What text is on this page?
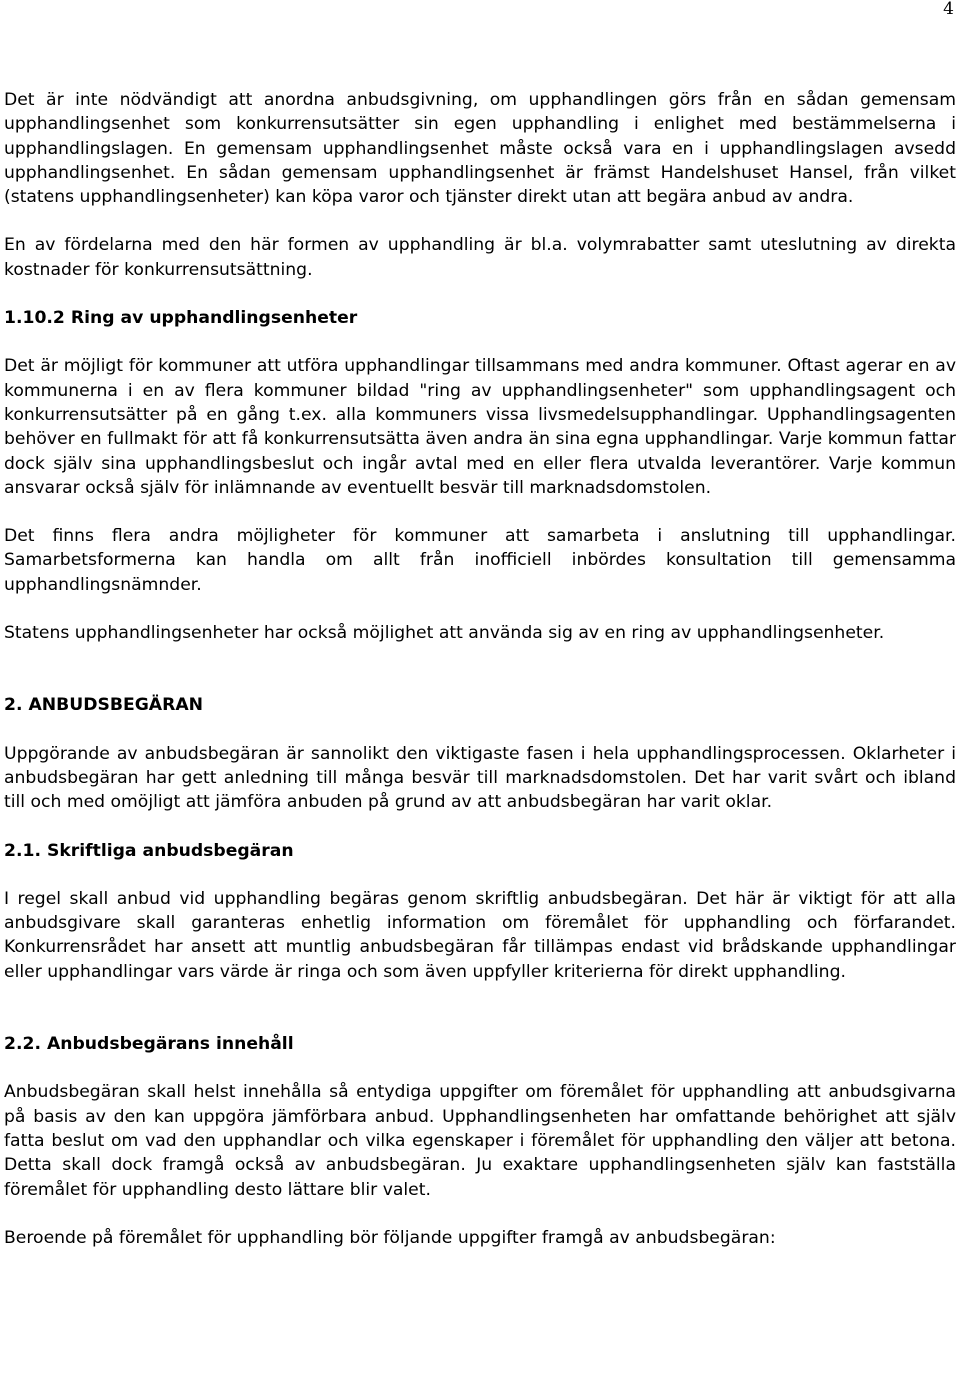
4

Det är inte nödvändigt att anordna anbudsgivning, om upphandlingen görs från en sådan gemensam upphandlingsenhet som konkurrensutsätter sin egen upphandling i enlighet med bestämmelserna i upphandlingslagen. En gemensam upphandlingsenhet måste också vara en i upphandlingslagen avsedd upphandlingsenhet. En sådan gemensam upphandlingsenhet är främst Handelshuset Hansel, från vilket (statens upphandlingsenheter) kan köpa varor och tjänster direkt utan att begära anbud av andra.

En av fördelarna med den här formen av upphandling är bl.a. volymrabatter samt uteslutning av direkta kostnader för konkurrensutsättning.

1.10.2 Ring av upphandlingsenheter

Det är möjligt för kommuner att utföra upphandlingar tillsammans med andra kommuner. Oftast agerar en av kommunerna i en av flera kommuner bildad "ring av upphandlingsenheter" som upphandlingsagent och konkurrensutsätter på en gång t.ex. alla kommuners vissa livsmedelsupphandlingar. Upphandlingsagenten behöver en fullmakt för att få konkurrensutsätta även andra än sina egna upphandlingar. Varje kommun fattar dock själv sina upphandlingsbeslut och ingår avtal med en eller flera utvalda leverantörer. Varje kommun ansvarar också själv för inlämnande av eventuellt besvär till marknadsdomstolen.

Det finns flera andra möjligheter för kommuner att samarbeta i anslutning till upphandlingar. Samarbetsformerna kan handla om allt från inofficiell inbördes konsultation till gemensamma upphandlingsnämnder.

Statens upphandlingsenheter har också möjlighet att använda sig av en ring av upphandlingsenheter.

2. ANBUDSBEGÄRAN

Uppgörande av anbudsbegäran är sannolikt den viktigaste fasen i hela upphandlingsprocessen. Oklarheter i anbudsbegäran har gett anledning till många besvär till marknadsdomstolen. Det har varit svårt och ibland till och med omöjligt att jämföra anbuden på grund av att anbudsbegäran har varit oklar.

2.1. Skriftliga anbudsbegäran

I regel skall anbud vid upphandling begäras genom skriftlig anbudsbegäran. Det här är viktigt för att alla anbudsgivare skall garanteras enhetlig information om föremålet för upphandling och förfarandet. Konkurrensrådet har ansett att muntlig anbudsbegäran får tillämpas endast vid brådskande upphandlingar eller upphandlingar vars värde är ringa och som även uppfyller kriterierna för direkt upphandling.

2.2. Anbudsbegärans innehåll

Anbudsbegäran skall helst innehålla så entydiga uppgifter om föremålet för upphandling att anbudsgivarna på basis av den kan uppgöra jämförbara anbud. Upphandlingsenheten har omfattande behörighet att själv fatta beslut om vad den upphandlar och vilka egenskaper i föremålet för upphandling den väljer att betona. Detta skall dock framgå också av anbudsbegäran. Ju exaktare upphandlingsenheten själv kan fastställa föremålet för upphandling desto lättare blir valet.

Beroende på föremålet för upphandling bör följande uppgifter framgå av anbudsbegäran:
